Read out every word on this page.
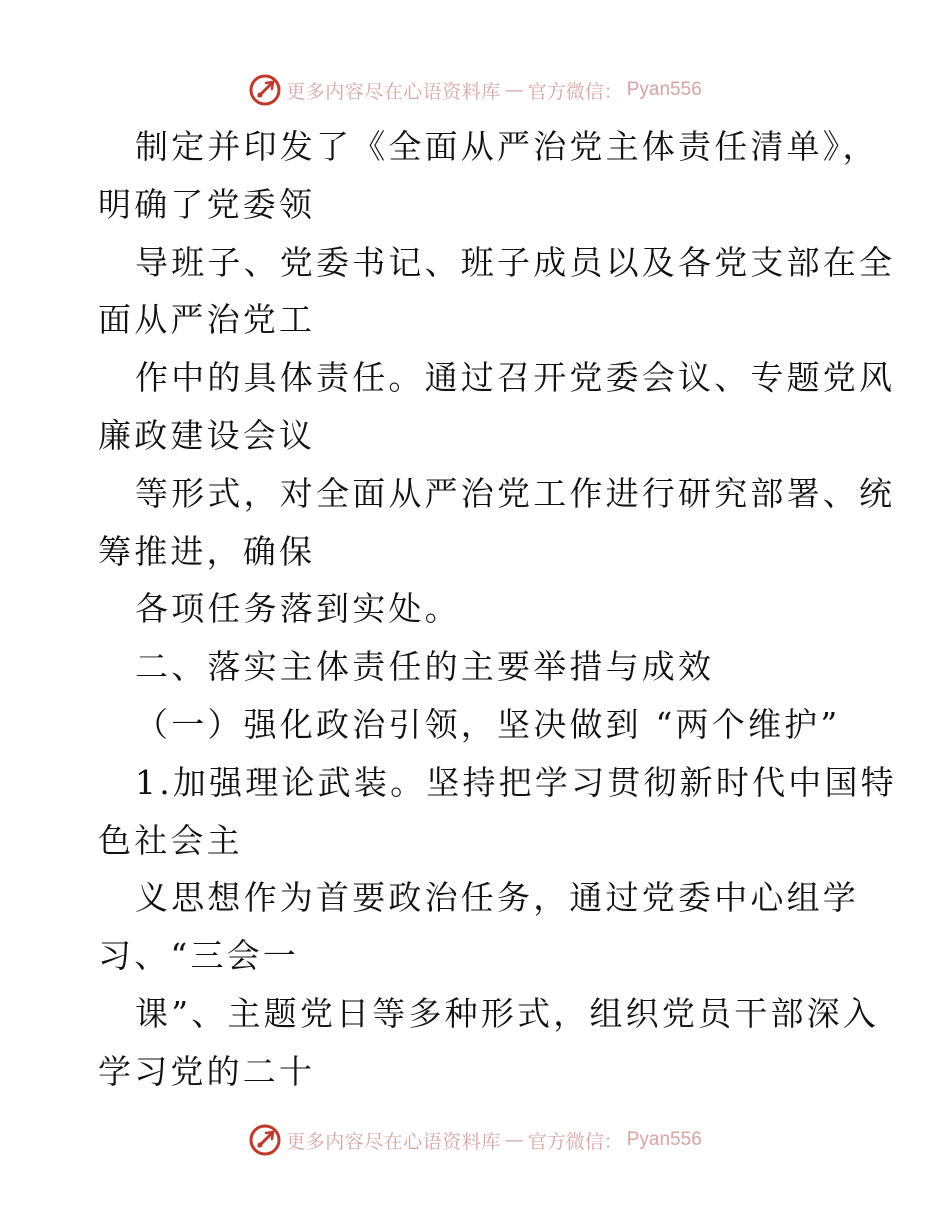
更多内容尽在心语资料库 — 官方微信： Pyan556
制定并印发了《全面从严治党主体责任清单》，
明确了党委领
导班子、党委书记、班子成员以及各党支部在全
面从严治党工
作中的具体责任。通过召开党委会议、专题党风
廉政建设会议
等形式，对全面从严治党工作进行研究部署、统
筹推进，确保
各项任务落到实处。
二、落实主体责任的主要举措与成效
（一）强化政治引领，坚决做到 “两个维护”
1.加强理论武装。坚持把学习贯彻新时代中国特
色社会主
义思想作为首要政治任务，通过党委中心组学
习、“三会一
课”、主题党日等多种形式，组织党员干部深入
学习党的二十
更多内容尽在心语资料库 — 官方微信： Pyan556
